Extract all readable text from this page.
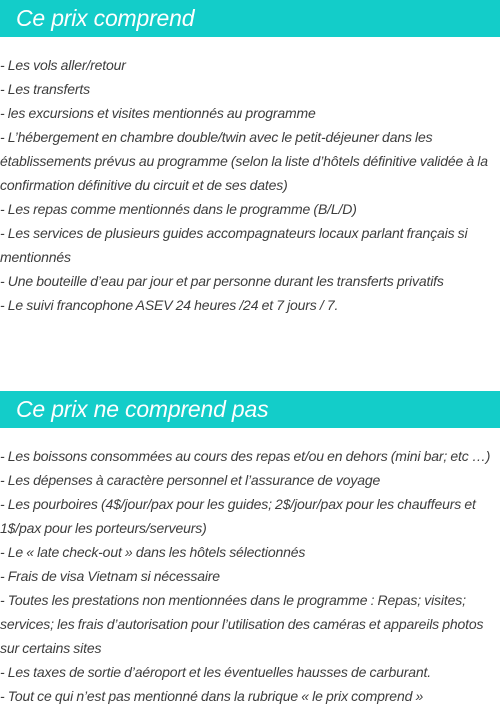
Ce prix comprend
- Les vols aller/retour
- Les transferts
- les excursions et visites mentionnés au programme
- L’hébergement en chambre double/twin avec le petit-déjeuner dans les établissements prévus au programme (selon la liste d’hôtels définitive validée à la confirmation définitive du circuit et de ses dates)
- Les repas comme mentionnés dans le programme (B/L/D)
- Les services de plusieurs guides accompagnateurs locaux parlant français si mentionnés
- Une bouteille d’eau par jour et par personne durant les transferts privatifs
- Le suivi francophone ASEV 24 heures /24 et 7 jours / 7.
Ce prix ne comprend pas
- Les boissons consommées au cours des repas et/ou en dehors (mini bar; etc …)
- Les dépenses à caractère personnel et l’assurance de voyage
- Les pourboires (4$/jour/pax pour les guides; 2$/jour/pax pour les chauffeurs et 1$/pax pour les porteurs/serveurs)
- Le « late check-out » dans les hôtels sélectionnés
- Frais de visa Vietnam si nécessaire
- Toutes les prestations non mentionnées dans le programme : Repas; visites; services; les frais d’autorisation pour l’utilisation des caméras et appareils photos sur certains sites
- Les taxes de sortie d’aéroport et les éventuelles hausses de carburant.
- Tout ce qui n’est pas mentionné dans la rubrique « le prix comprend »
